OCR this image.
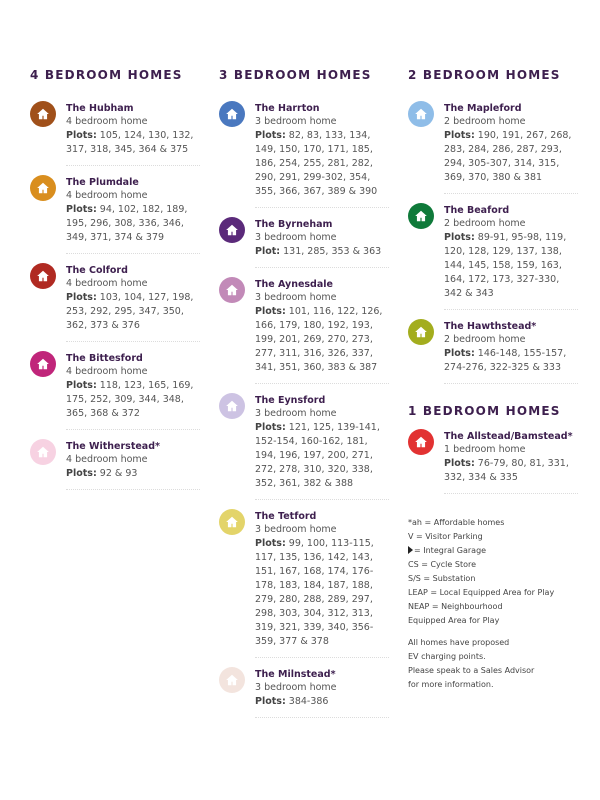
4 BEDROOM HOMES
The Hubham
4 bedroom home
Plots: 105, 124, 130, 132, 317, 318, 345, 364 & 375
The Plumdale
4 bedroom home
Plots: 94, 102, 182, 189, 195, 296, 308, 336, 346, 349, 371, 374 & 379
The Colford
4 bedroom home
Plots: 103, 104, 127, 198, 253, 292, 295, 347, 350, 362, 373 & 376
The Bittesford
4 bedroom home
Plots: 118, 123, 165, 169, 175, 252, 309, 344, 348, 365, 368 & 372
The Witherstead*
4 bedroom home
Plots: 92 & 93
3 BEDROOM HOMES
The Harrton
3 bedroom home
Plots: 82, 83, 133, 134, 149, 150, 170, 171, 185, 186, 254, 255, 281, 282, 290, 291, 299-302, 354, 355, 366, 367, 389 & 390
The Byrneham
3 bedroom home
Plot: 131, 285, 353 & 363
The Aynesdale
3 bedroom home
Plots: 101, 116, 122, 126, 166, 179, 180, 192, 193, 199, 201, 269, 270, 273, 277, 311, 316, 326, 337, 341, 351, 360, 383 & 387
The Eynsford
3 bedroom home
Plots: 121, 125, 139-141, 152-154, 160-162, 181, 194, 196, 197, 200, 271, 272, 278, 310, 320, 338, 352, 361, 382 & 388
The Tetford
3 bedroom home
Plots: 99, 100, 113-115, 117, 135, 136, 142, 143, 151, 167, 168, 174, 176-178, 183, 184, 187, 188, 279, 280, 288, 289, 297, 298, 303, 304, 312, 313, 319, 321, 339, 340, 356-359, 377 & 378
The Milnstead*
3 bedroom home
Plots: 384-386
2 BEDROOM HOMES
The Mapleford
2 bedroom home
Plots: 190, 191, 267, 268, 283, 284, 286, 287, 293, 294, 305-307, 314, 315, 369, 370, 380 & 381
The Beaford
2 bedroom home
Plots: 89-91, 95-98, 119, 120, 128, 129, 137, 138, 144, 145, 158, 159, 163, 164, 172, 173, 327-330, 342 & 343
The Hawthstead*
2 bedroom home
Plots: 146-148, 155-157, 274-276, 322-325 & 333
1 BEDROOM HOMES
The Allstead/Bamstead*
1 bedroom home
Plots: 76-79, 80, 81, 331, 332, 334 & 335
*ah = Affordable homes
V = Visitor Parking
= Integral Garage
CS = Cycle Store
S/S = Substation
LEAP = Local Equipped Area for Play
NEAP = Neighbourhood
Equipped Area for Play
All homes have proposed
EV charging points.
Please speak to a Sales Advisor
for more information.
